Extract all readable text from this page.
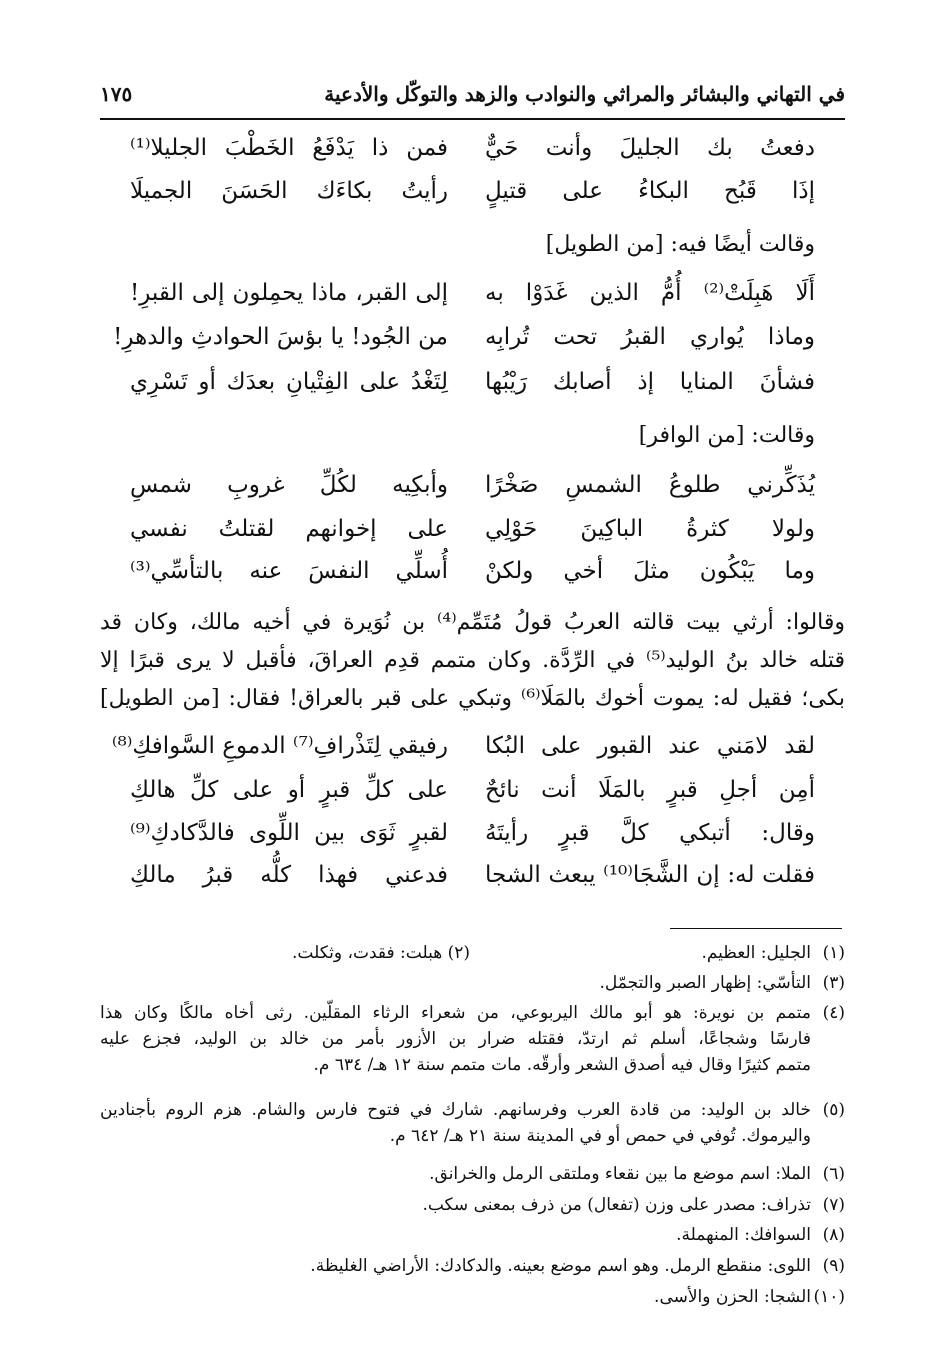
في التهاني والبشائر والمراثي والنوادب والزهد والتوكّل والأدعية
١٧٥
دفعتُ بك الجليلَ وأنت حَيٌّ
فمن ذا يَدْفَعُ الخَطْبَ الجليلا⁽¹⁾
إذَا قَبُح البكاءُ على قتيلٍ
رأيتُ بكاءَك الحَسَنَ الجميلَا
وقالت أيضًا فيه: [من الطويل]
أَلَا هَبِلَتْ⁽²⁾ أُمُّ الذين غَدَوْا به
إلى القبر، ماذا يحمِلون إلى القبرِ!
وماذا يُواري القبرُ تحت تُرابِه
من الجُود! يا بؤسَ الحوادثِ والدهرِ!
فشأنَ المنايا إذ أصابك رَيْبُها
لِتَغْدُ على الفِتْيانِ بعدَك أو تَسْرِي
وقالت: [من الوافر]
يُذَكِّرني طلوعُ الشمسِ صَخْرًا
وأبكِيه لكُلِّ غروبِ شمسِ
ولولا كثرةُ الباكِينَ حَوْلِي
على إخوانهم لقتلتُ نفسي
وما يَبْكُون مثلَ أخي ولكنْ
أُسلِّي النفسَ عنه بالتأسِّي⁽³⁾
وقالوا: أرثي بيت قالته العربُ قولُ مُتَمِّم⁽⁴⁾ بن نُوَيرة في أخيه مالك، وكان قد
قتله خالد بنُ الوليد⁽⁵⁾ في الرِّدَّة. وكان متمم قدِم العراقَ، فأقبل لا يرى قبرًا إلا
بكى؛ فقيل له: يموت أخوك بالمَلَا⁽⁶⁾ وتبكي على قبر بالعراق! فقال: [من الطويل]
لقد لامَني عند القبور على البُكا
رفيقي لِتَذْرافِ⁽⁷⁾ الدموعِ السَّوافكِ⁽⁸⁾
أمِن أجلِ قبرٍ بالمَلَا أنت نائحٌ
على كلِّ قبرٍ أو على كلِّ هالكِ
وقال: أتبكي كلَّ قبرٍ رأيتَهُ
لقبرٍ ثَوَى بين اللِّوى فالدَّكادكِ⁽⁹⁾
فقلت له: إن الشَّجَا⁽¹⁰⁾ يبعث الشجا
فدعني فهذا كلُّه قبرُ مالكِ
(١)الجليل: العظيم.
(٢) هبلت: فقدت، وثكلت.
(٣)التأسّي: إظهار الصبر والتجمّل.
(٤)متمم بن نويرة: هو أبو مالك اليربوعي، من شعراء الرثاء المقلّين. رثى أخاه مالكًا وكان هذا
فارسًا وشجاعًا، أسلم ثم ارتدّ، فقتله ضرار بن الأزور بأمر من خالد بن الوليد، فجزع عليه
متمم كثيرًا وقال فيه أصدق الشعر وأرقّه. مات متمم سنة ١٢ هـ/ ٦٣٤ م.
(٥)خالد بن الوليد: من قادة العرب وفرسانهم. شارك في فتوح فارس والشام. هزم الروم بأجنادين
واليرموك. تُوفي في حمص أو في المدينة سنة ٢١ هـ/ ٦٤٢ م.
(٦)الملا: اسم موضع ما بين نقعاء وملتقى الرمل والخرانق.
(٧)تذراف: مصدر على وزن (تفعال) من ذرف بمعنى سكب.
(٨)السوافك: المنهملة.
(٩)اللوى: منقطع الرمل. وهو اسم موضع بعينه. والدكادك: الأراضي الغليظة.
(١٠)الشجا: الحزن والأسى.
